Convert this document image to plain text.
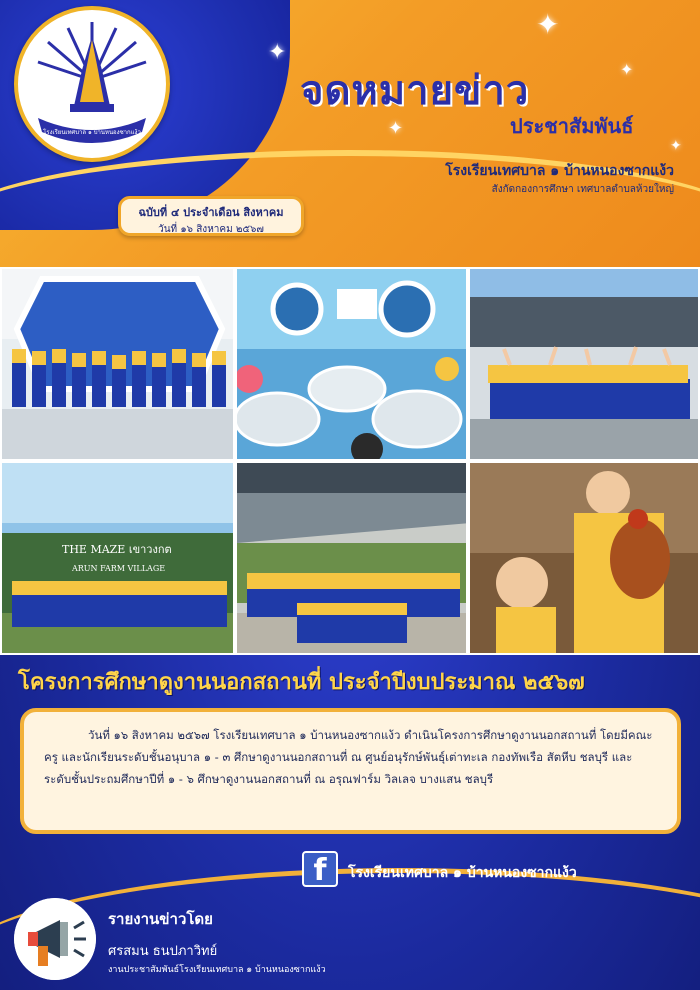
โรงเรียนเทศบาล ๑ บ้านหนองซากแง้ว
✦
✦
✦
✦
✦
จดหมายข่าว
ประชาสัมพันธ์
โรงเรียนเทศบาล ๑ บ้านหนองซากแง้ว
สังกัดกองการศึกษา เทศบาลตำบลห้วยใหญ่
ฉบับที่ ๔ ประจำเดือน สิงหาคม
วันที่ ๑๖ สิงหาคม ๒๕๖๗
THE MAZE เขาวงกต
ARUN FARM VILLAGE
โครงการศึกษาดูงานนอกสถานที่ ประจำปีงบประมาณ ๒๕๖๗
วันที่ ๑๖ สิงหาคม ๒๕๖๗ โรงเรียนเทศบาล ๑ บ้านหนองซากแง้ว ดำเนินโครงการศึกษาดูงานนอกสถานที่ โดยมีคณะครู และนักเรียนระดับชั้นอนุบาล ๑ - ๓ ศึกษาดูงานนอกสถานที่ ณ ศูนย์อนุรักษ์พันธุ์เต่าทะเล กองทัพเรือ สัตหีบ ชลบุรี และระดับชั้นประถมศึกษาปีที่ ๑ - ๖ ศึกษาดูงานนอกสถานที่ ณ อรุณฟาร์ม วิลเลจ บางแสน ชลบุรี
f	โรงเรียนเทศบาล ๑ บ้านหนองซากแง้ว
รายงานข่าวโดย
ศรสมน ธนปภาวิทย์
งานประชาสัมพันธ์โรงเรียนเทศบาล ๑ บ้านหนองซากแง้ว
